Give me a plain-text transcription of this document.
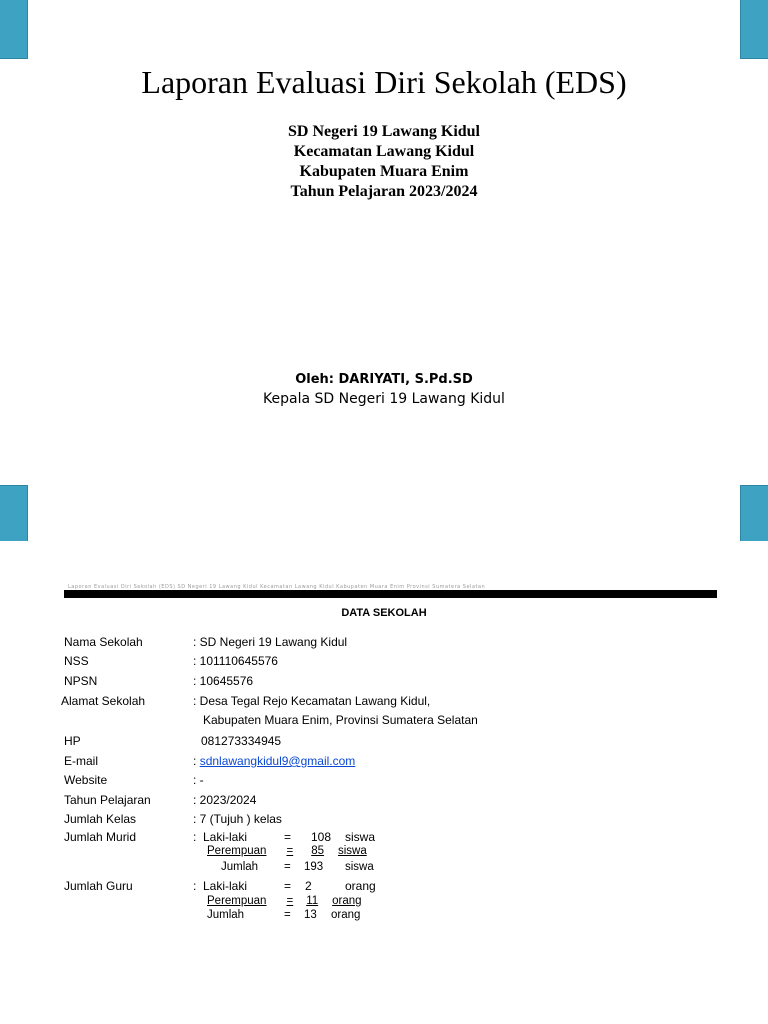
Laporan Evaluasi Diri Sekolah (EDS)
SD Negeri 19 Lawang Kidul
Kecamatan Lawang Kidul
Kabupaten Muara Enim
Tahun Pelajaran 2023/2024
Oleh: DARIYATI, S.Pd.SD
Kepala SD Negeri 19 Lawang Kidul
Laporan Evaluasi Diri Sekolah (EDS) SD Negeri 19 Lawang Kidul Kecamatan Lawang Kidul Kabupaten Muara Enim Provinsi Sumatera Selatan
DATA SEKOLAH
Nama Sekolah	: SD Negeri 19 Lawang Kidul
NSS	: 101110645576
NPSN	: 10645576
Alamat Sekolah	: Desa Tegal Rejo Kecamatan Lawang Kidul,
Kabupaten Muara Enim, Provinsi Sumatera Selatan
HP	081273334945
E-mail	: sdnlawangkidul9@gmail.com
Website	: -
Tahun Pelajaran	: 2023/2024
Jumlah Kelas	: 7 (Tujuh ) kelas
Jumlah Murid	: Laki-laki	= 108 siswa
Perempuan = 85 siswa
Jumlah = 193 siswa
Jumlah Guru	: Laki-laki	= 2	orang
Perempuan = 11 orang
Jumlah	= 13 orang
